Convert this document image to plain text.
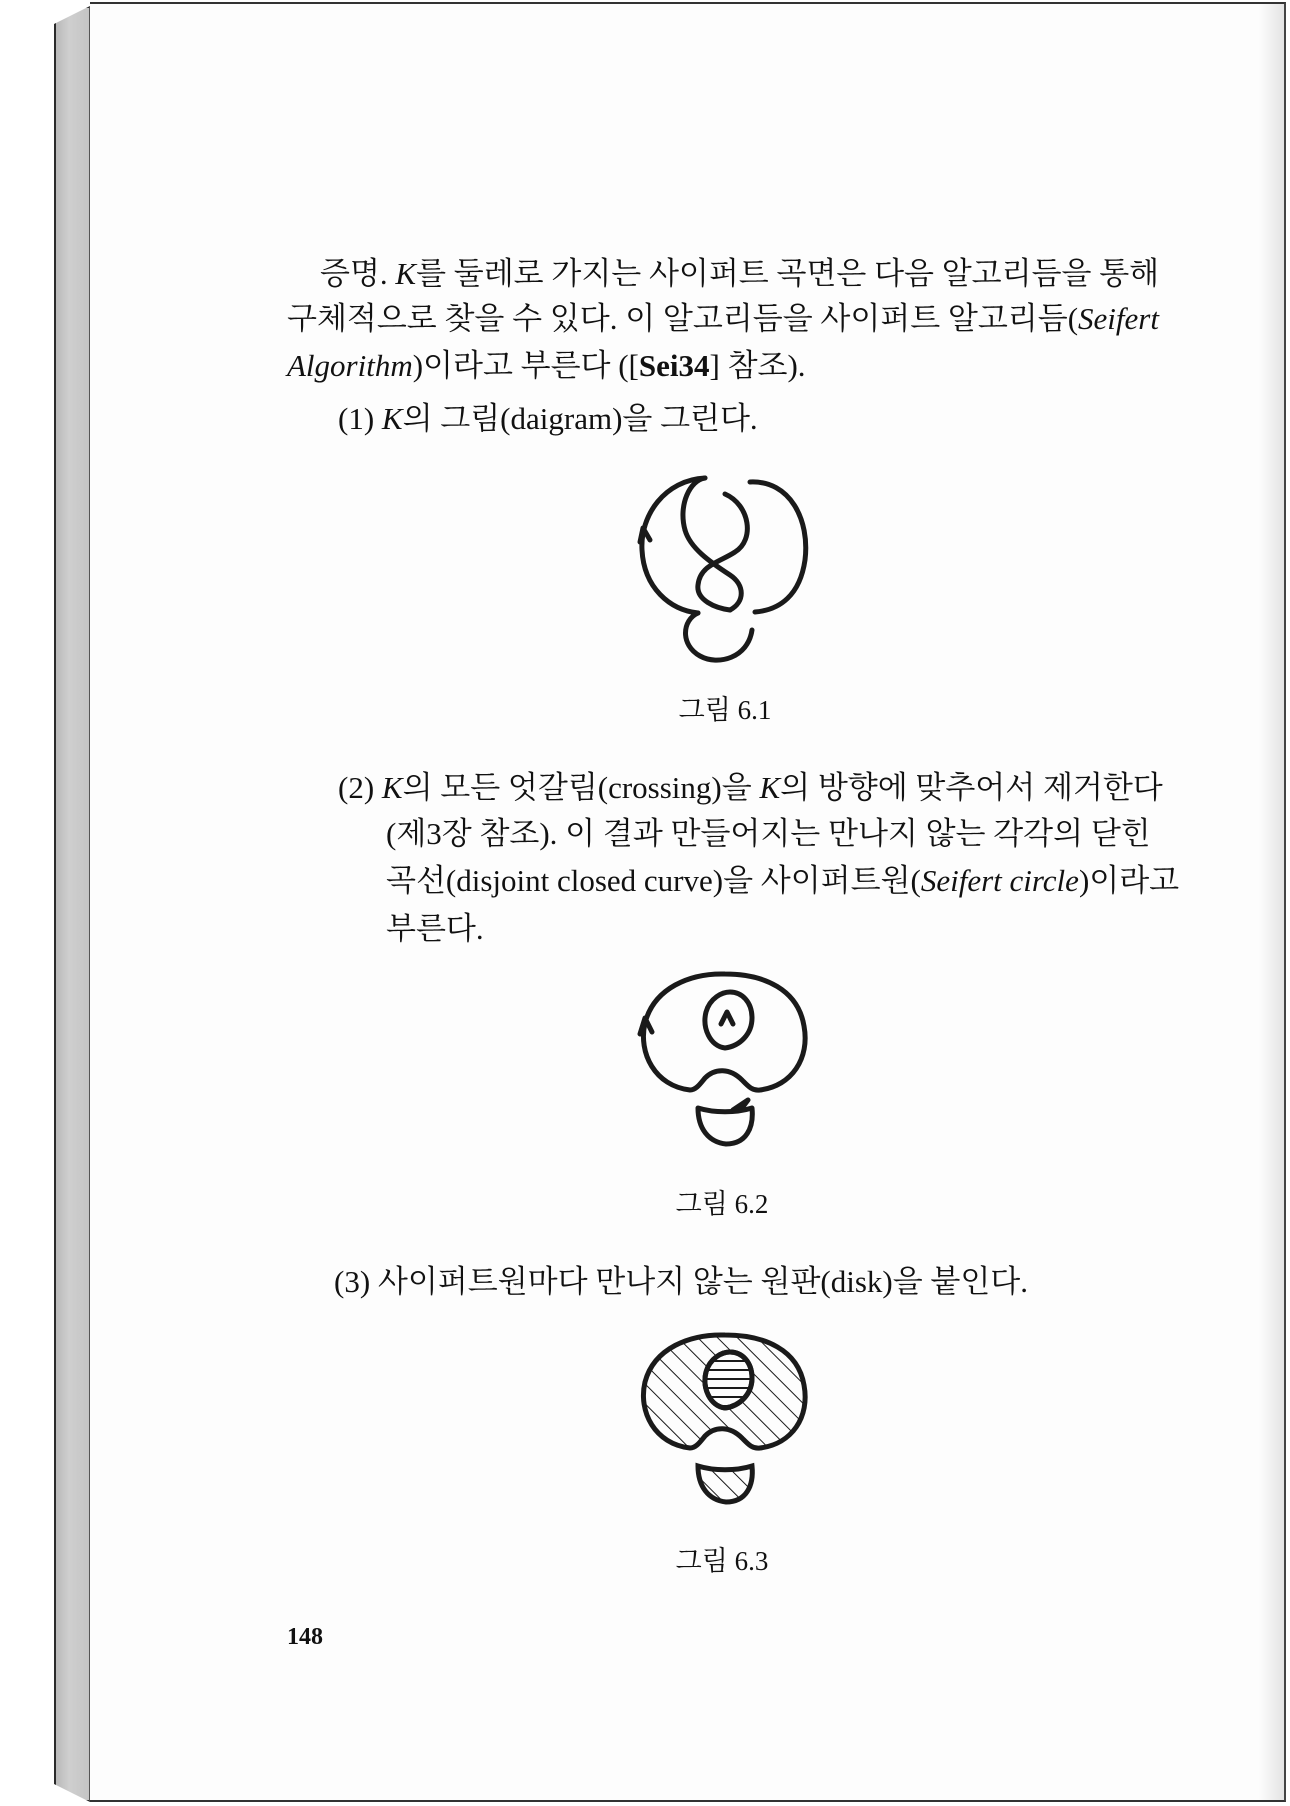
증명. K를 둘레로 가지는 사이퍼트 곡면은 다음 알고리듬을 통해
구체적으로 찾을 수 있다. 이 알고리듬을 사이퍼트 알고리듬(Seifert
Algorithm)이라고 부른다 ([Sei34] 참조).
(1) K의 그림(daigram)을 그린다.
그림 6.1
(2) K의 모든 엇갈림(crossing)을 K의 방향에 맞추어서 제거한다
(제3장 참조). 이 결과 만들어지는 만나지 않는 각각의 닫힌
곡선(disjoint closed curve)을 사이퍼트원(Seifert circle)이라고
부른다.
그림 6.2
(3) 사이퍼트원마다 만나지 않는 원판(disk)을 붙인다.
그림 6.3
148
